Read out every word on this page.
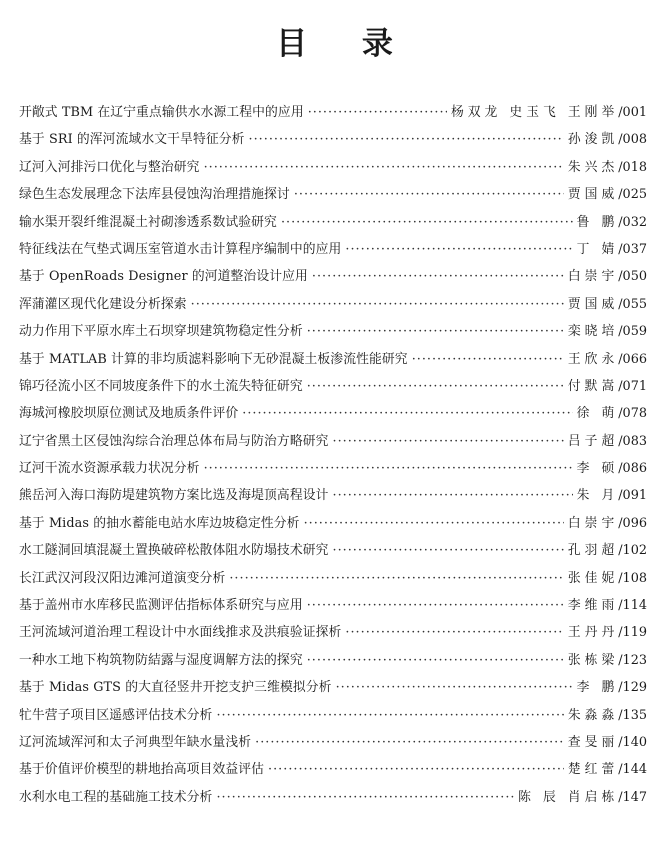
目 录
开敞式 TBM 在辽宁重点输供水水源工程中的应用 ·····	杨双龙 史玉飞 王刚举 /001
基于 SRI 的浑河流域水文干旱特征分析 ·····	孙浚凯 /008
辽河入河排污口优化与整治研究 ·····	朱兴杰 /018
绿色生态发展理念下法库县侵蚀沟治理措施探讨 ·····	贾国威 /025
输水渠开裂纤维混凝土衬砌渗透系数试验研究 ·····	鲁 鹏 /032
特征线法在气垫式调压室管道水击计算程序编制中的应用 ·····	丁 婧 /037
基于 OpenRoads Designer 的河道整治设计应用 ·····	白崇宇 /050
浑蒲灌区现代化建设分析探索 ·····	贾国威 /055
动力作用下平原水库土石坝穿坝建筑物稳定性分析 ·····	栾晓培 /059
基于 MATLAB 计算的非均质滤料影响下无砂混凝土板渗流性能研究 ·····	王欣永 /066
锦巧径流小区不同坡度条件下的水土流失特征研究 ·····	付默嵩 /071
海城河橡胶坝原位测试及地质条件评价 ·····	徐 萌 /078
辽宁省黑土区侵蚀沟综合治理总体布局与防治方略研究 ·····	吕子超 /083
辽河干流水资源承载力状况分析 ·····	李 硕 /086
熊岳河入海口海防堤建筑物方案比选及海堤顶高程设计 ·····	朱 月 /091
基于 Midas 的抽水蓄能电站水库边坡稳定性分析 ·····	白崇宇 /096
水工隧洞回填混凝土置换破碎松散体阻水防塌技术研究 ·····	孔羽超 /102
长江武汉河段汉阳边滩河道演变分析 ·····	张佳妮 /108
基于盖州市水库移民监测评估指标体系研究与应用 ·····	李维雨 /114
王河流域河道治理工程设计中水面线推求及洪痕验证探析 ·····	王丹丹 /119
一种水工地下构筑物防結露与湿度调解方法的探究 ·····	张栋梁 /123
基于 Midas GTS 的大直径竖井开挖支护三维模拟分析 ·····	李 鹏 /129
牤牛营子项目区遥感评估技术分析 ·····	朱淼淼 /135
辽河流域浑河和太子河典型年缺水量浅析 ·····	查旻丽 /140
基于价值评价模型的耕地抬高项目效益评估 ·····	楚红蕾 /144
水利水电工程的基础施工技术分析 ·····	陈 辰 肖启栋 /147
